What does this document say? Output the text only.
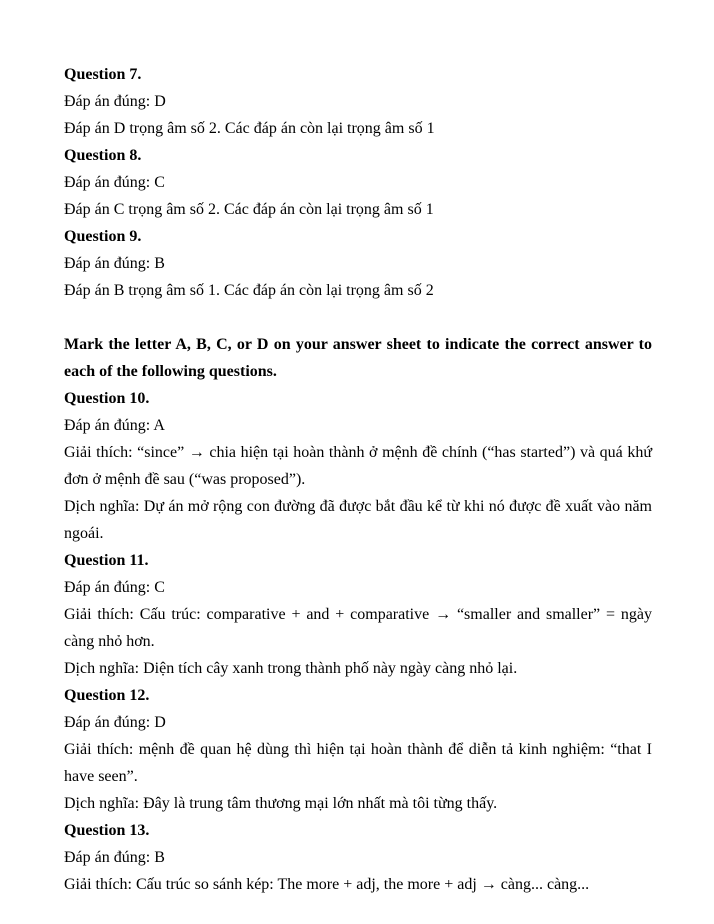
Question 7.

Đáp án đúng: D

Đáp án D trọng âm số 2. Các đáp án còn lại trọng âm số 1

Question 8.

Đáp án đúng: C

Đáp án C trọng âm số 2. Các đáp án còn lại trọng âm số 1

Question 9.

Đáp án đúng: B

Đáp án B trọng âm số 1. Các đáp án còn lại trọng âm số 2

Mark the letter A, B, C, or D on your answer sheet to indicate the correct answer to each of the following questions.

Question 10.

Đáp án đúng: A

Giải thích: “since” → chia hiện tại hoàn thành ở mệnh đề chính (“has started”) và quá khứ đơn ở mệnh đề sau (“was proposed”).

Dịch nghĩa: Dự án mở rộng con đường đã được bắt đầu kể từ khi nó được đề xuất vào năm ngoái.

Question 11.

Đáp án đúng: C

Giải thích: Cấu trúc: comparative + and + comparative → “smaller and smaller” = ngày càng nhỏ hơn.

Dịch nghĩa: Diện tích cây xanh trong thành phố này ngày càng nhỏ lại.

Question 12.

Đáp án đúng: D

Giải thích: mệnh đề quan hệ dùng thì hiện tại hoàn thành để diễn tả kinh nghiệm: “that I have seen”.

Dịch nghĩa: Đây là trung tâm thương mại lớn nhất mà tôi từng thấy.

Question 13.

Đáp án đúng: B

Giải thích: Cấu trúc so sánh kép: The more + adj, the more + adj → càng... càng...
